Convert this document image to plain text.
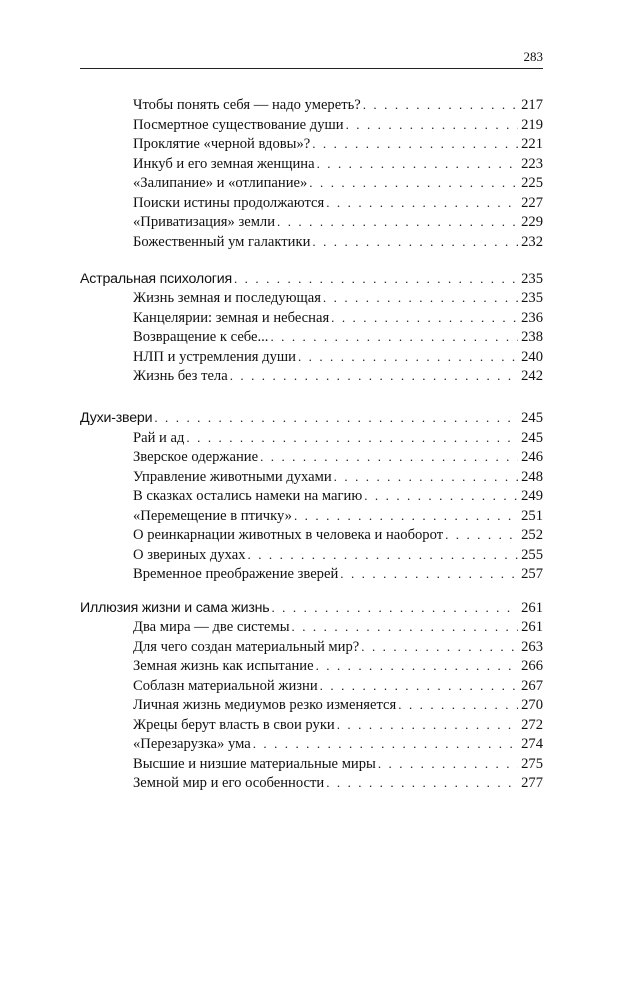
283
Чтобы понять себя — надо умереть? . . .	217
Посмертное существование души . . .	219
Проклятие «черной вдовы»? . . .	221
Инкуб и его земная женщина . . .	223
«Залипание» и «отлипание» . . .	225
Поиски истины продолжаются . . .	227
«Приватизация» земли . . .	229
Божественный ум галактики . . .	232
Астральная психология . . .	235
Жизнь земная и последующая . . .	235
Канцелярии: земная и небесная . . .	236
Возвращение к себе... . . .	238
НЛП и устремления души . . .	240
Жизнь без тела . . .	242
Духи-звери . . .	245
Рай и ад . . .	245
Зверское одержание . . .	246
Управление животными духами . . .	248
В сказках остались намеки на магию . . .	249
«Перемещение в птичку» . . .	251
О реинкарнации животных в человека и наоборот . . .	252
О звериных духах . . .	255
Временное преображение зверей . . .	257
Иллюзия жизни и сама жизнь . . .	261
Два мира — две системы . . .	261
Для чего создан материальный мир? . . .	263
Земная жизнь как испытание . . .	266
Соблазн материальной жизни . . .	267
Личная жизнь медиумов резко изменяется . . .	270
Жрецы берут власть в свои руки . . .	272
«Перезарузка» ума . . .	274
Высшие и низшие материальные миры . . .	275
Земной мир и его особенности . . .	277
